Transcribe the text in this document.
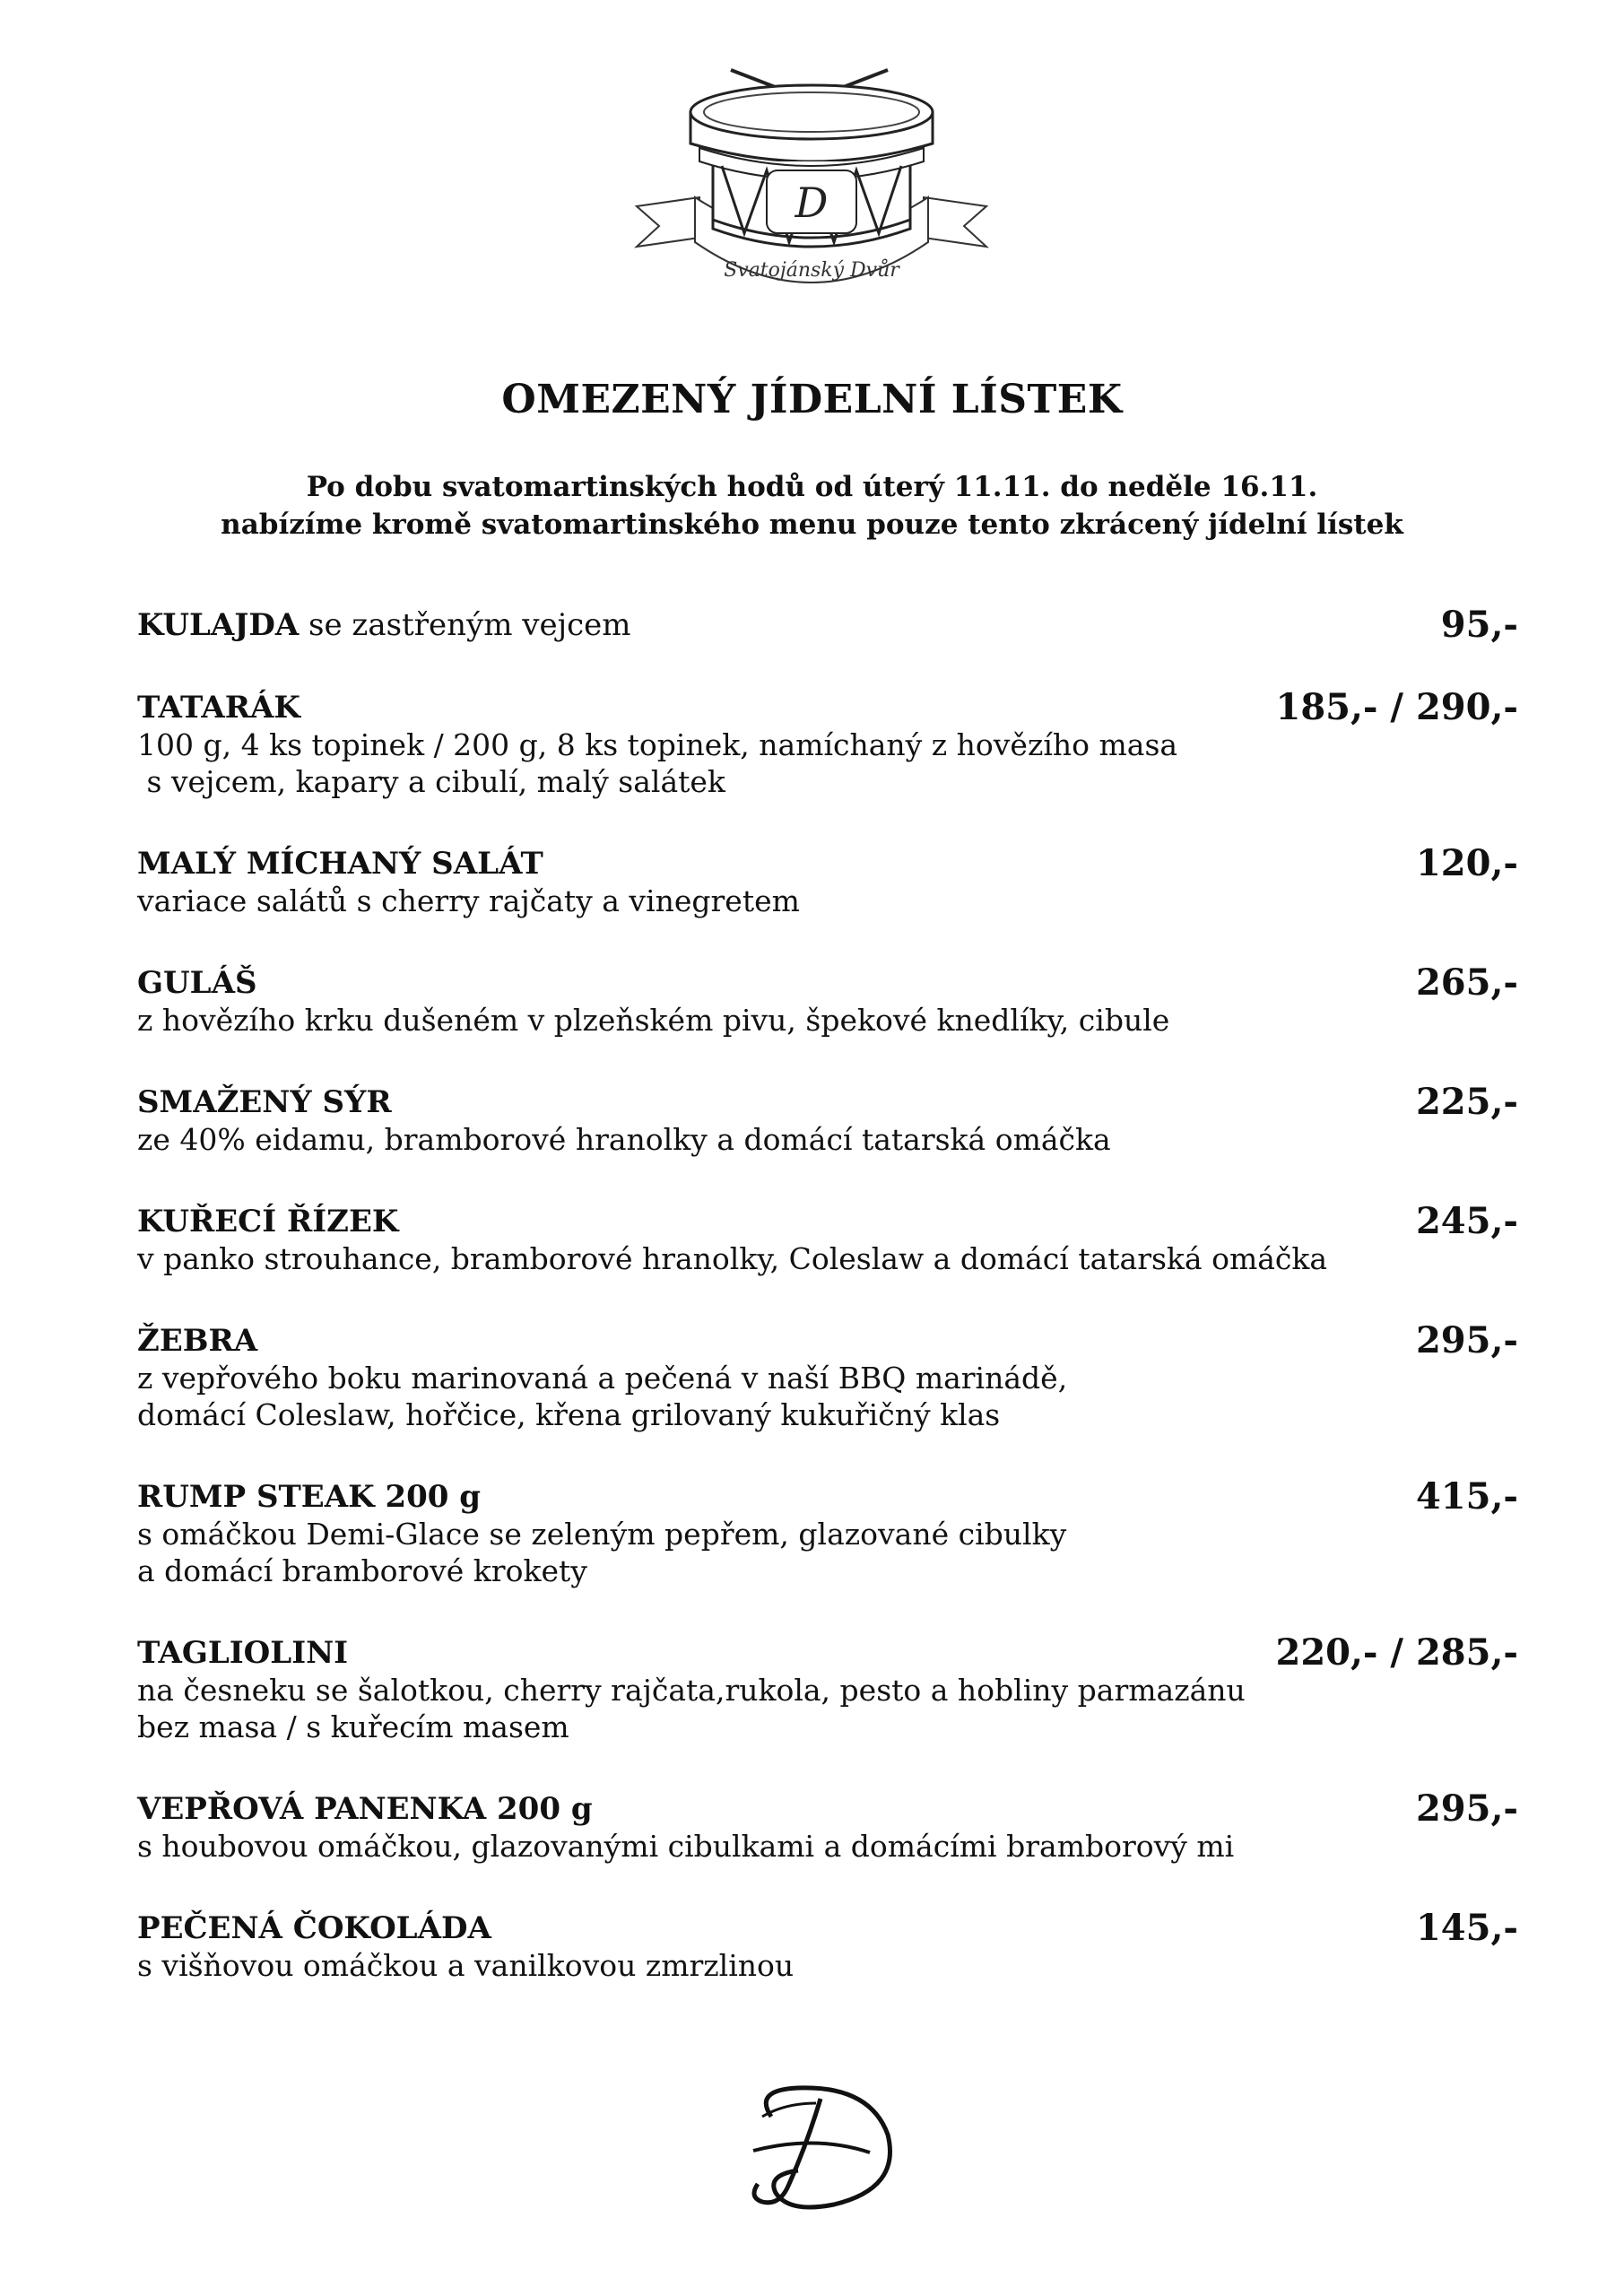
D
Svatojánský Dvůr
OMEZENÝ JÍDELNÍ LÍSTEK
Po dobu svatomartinských hodů od úterý 11.11. do neděle 16.11.
nabízíme kromě svatomartinského menu pouze tento zkrácený jídelní lístek
KULAJDA se zastřeným vejcem	95,-
TATARÁK	185,- / 290,-
100 g, 4 ks topinek / 200 g, 8 ks topinek, namíchaný z hovězího masa
s vejcem, kapary a cibulí, malý salátek
MALÝ MÍCHANÝ SALÁT	120,-
variace salátů s cherry rajčaty a vinegretem
GULÁŠ	265,-
z hovězího krku dušeném v plzeňském pivu, špekové knedlíky, cibule
SMAŽENÝ SÝR	225,-
ze 40% eidamu, bramborové hranolky a domácí tatarská omáčka
KUŘECÍ ŘÍZEK	245,-
v panko strouhance, bramborové hranolky, Coleslaw a domácí tatarská omáčka
ŽEBRA	295,-
z vepřového boku marinovaná a pečená v naší BBQ marinádě,
domácí Coleslaw, hořčice, křena grilovaný kukuřičný klas
RUMP STEAK 200 g	415,-
s omáčkou Demi-Glace se zeleným pepřem, glazované cibulky
a domácí bramborové krokety
TAGLIOLINI	220,- / 285,-
na česneku se šalotkou, cherry rajčata,rukola, pesto a hobliny parmazánu
bez masa / s kuřecím masem
VEPŘOVÁ PANENKA 200 g	295,-
s houbovou omáčkou, glazovanými cibulkami a domácími bramborový mi
PEČENÁ ČOKOLÁDA	145,-
s višňovou omáčkou a vanilkovou zmrzlinou
